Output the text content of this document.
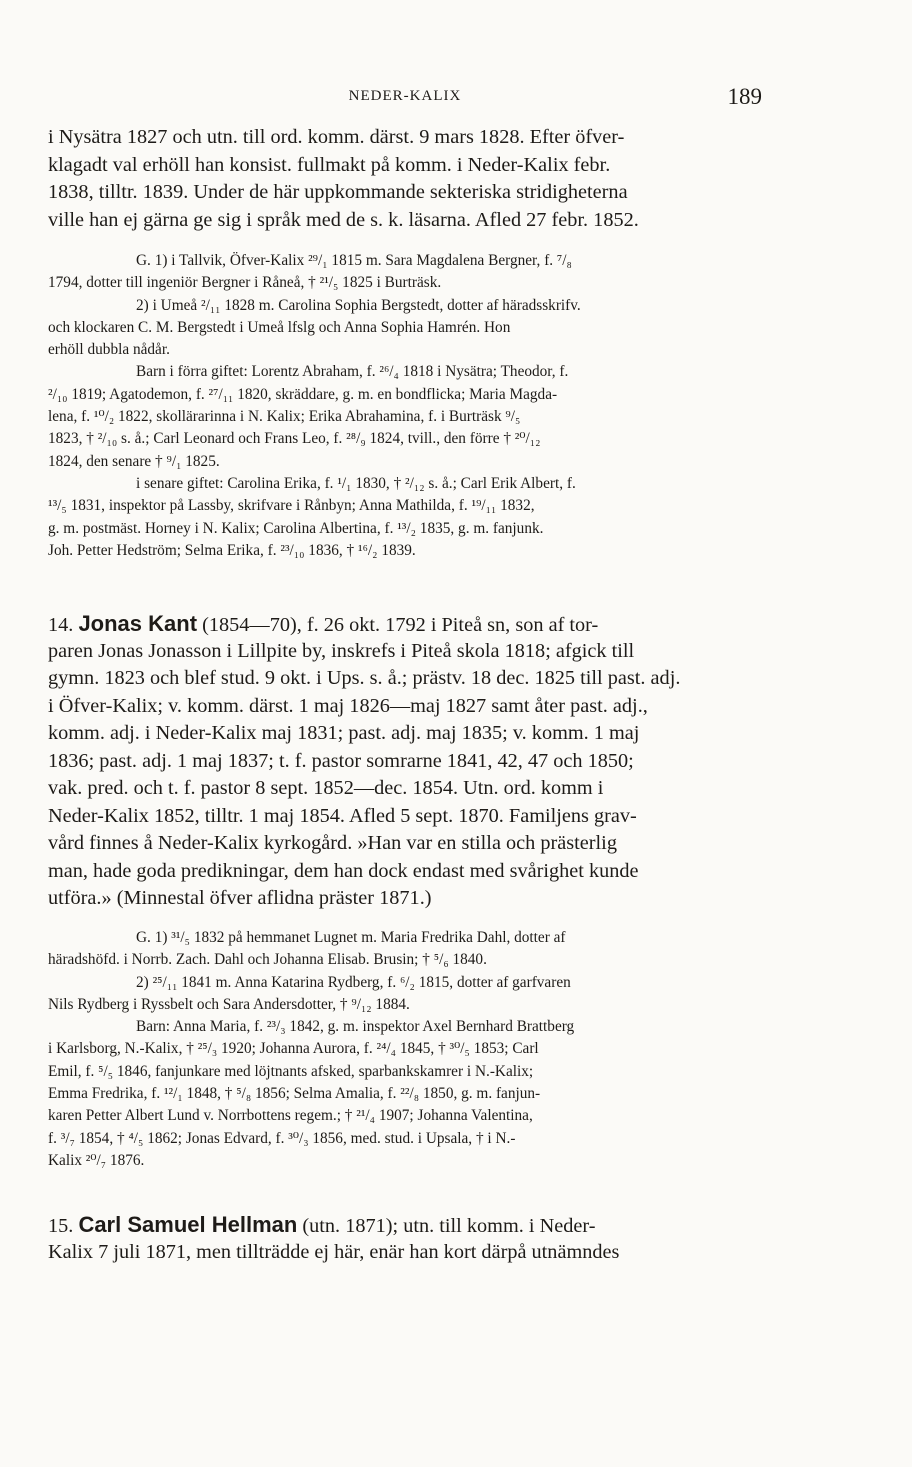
NEDER-KALIX	189
i Nysätra 1827 och utn. till ord. komm. därst. 9 mars 1828. Efter öfver-
klagadt val erhöll han konsist. fullmakt på komm. i Neder-Kalix febr.
1838, tilltr. 1839. Under de här uppkommande sekteriska stridigheterna
ville han ej gärna ge sig i språk med de s. k. läsarna. Afled 27 febr. 1852.
G. 1) i Tallvik, Öfver-Kalix ²⁹/₁ 1815 m. Sara Magdalena Bergner, f. ⁷/₈
1794, dotter till ingeniör Bergner i Råneå, † ²¹/₅ 1825 i Burträsk.
2) i Umeå ²/₁₁ 1828 m. Carolina Sophia Bergstedt, dotter af häradsskrifv.
och klockaren C. M. Bergstedt i Umeå lfslg och Anna Sophia Hamrén. Hon
erhöll dubbla nådår.
Barn i förra giftet: Lorentz Abraham, f. ²⁶/₄ 1818 i Nysätra; Theodor, f.
²/₁₀ 1819; Agatodemon, f. ²⁷/₁₁ 1820, skräddare, g. m. en bondflicka; Maria Magda-
lena, f. ¹⁰/₂ 1822, skollärarinna i N. Kalix; Erika Abrahamina, f. i Burträsk ⁹/₅
1823, † ²/₁₀ s. å.; Carl Leonard och Frans Leo, f. ²⁸/₉ 1824, tvill., den förre † ²⁰/₁₂
1824, den senare † ⁹/₁ 1825.
i senare giftet: Carolina Erika, f. ¹/₁ 1830, † ²/₁₂ s. å.; Carl Erik Albert, f.
¹³/₅ 1831, inspektor på Lassby, skrifvare i Rånbyn; Anna Mathilda, f. ¹⁹/₁₁ 1832,
g. m. postmäst. Horney i N. Kalix; Carolina Albertina, f. ¹³/₂ 1835, g. m. fanjunk.
Joh. Petter Hedström; Selma Erika, f. ²³/₁₀ 1836, † ¹⁶/₂ 1839.
14. Jonas Kant (1854—70), f. 26 okt. 1792 i Piteå sn, son af tor-
paren Jonas Jonasson i Lillpite by, inskrefs i Piteå skola 1818; afgick till
gymn. 1823 och blef stud. 9 okt. i Ups. s. å.; prästv. 18 dec. 1825 till past. adj.
i Öfver-Kalix; v. komm. därst. 1 maj 1826—maj 1827 samt åter past. adj.,
komm. adj. i Neder-Kalix maj 1831; past. adj. maj 1835; v. komm. 1 maj
1836; past. adj. 1 maj 1837; t. f. pastor somrarne 1841, 42, 47 och 1850;
vak. pred. och t. f. pastor 8 sept. 1852—dec. 1854. Utn. ord. komm i
Neder-Kalix 1852, tilltr. 1 maj 1854. Afled 5 sept. 1870. Familjens grav-
vård finnes å Neder-Kalix kyrkogård. »Han var en stilla och prästerlig
man, hade goda predikningar, dem han dock endast med svårighet kunde
utföra.» (Minnestal öfver aflidna präster 1871.)
G. 1) ³¹/₅ 1832 på hemmanet Lugnet m. Maria Fredrika Dahl, dotter af
häradshöfd. i Norrb. Zach. Dahl och Johanna Elisab. Brusin; † ⁵/₆ 1840.
2) ²⁵/₁₁ 1841 m. Anna Katarina Rydberg, f. ⁶/₂ 1815, dotter af garfvaren
Nils Rydberg i Ryssbelt och Sara Andersdotter, † ⁹/₁₂ 1884.
Barn: Anna Maria, f. ²³/₃ 1842, g. m. inspektor Axel Bernhard Brattberg
i Karlsborg, N.-Kalix, † ²⁵/₃ 1920; Johanna Aurora, f. ²⁴/₄ 1845, † ³⁰/₅ 1853; Carl
Emil, f. ⁵/₅ 1846, fanjunkare med löjtnants afsked, sparbankskamrer i N.-Kalix;
Emma Fredrika, f. ¹²/₁ 1848, † ⁵/₈ 1856; Selma Amalia, f. ²²/₈ 1850, g. m. fanjun-
karen Petter Albert Lund v. Norrbottens regem.; † ²¹/₄ 1907; Johanna Valentina,
f. ³/₇ 1854, † ⁴/₅ 1862; Jonas Edvard, f. ³⁰/₃ 1856, med. stud. i Upsala, † i N.-
Kalix ²⁰/₇ 1876.
15. Carl Samuel Hellman (utn. 1871); utn. till komm. i Neder-
Kalix 7 juli 1871, men tillträdde ej här, enär han kort därpå utnämndes
